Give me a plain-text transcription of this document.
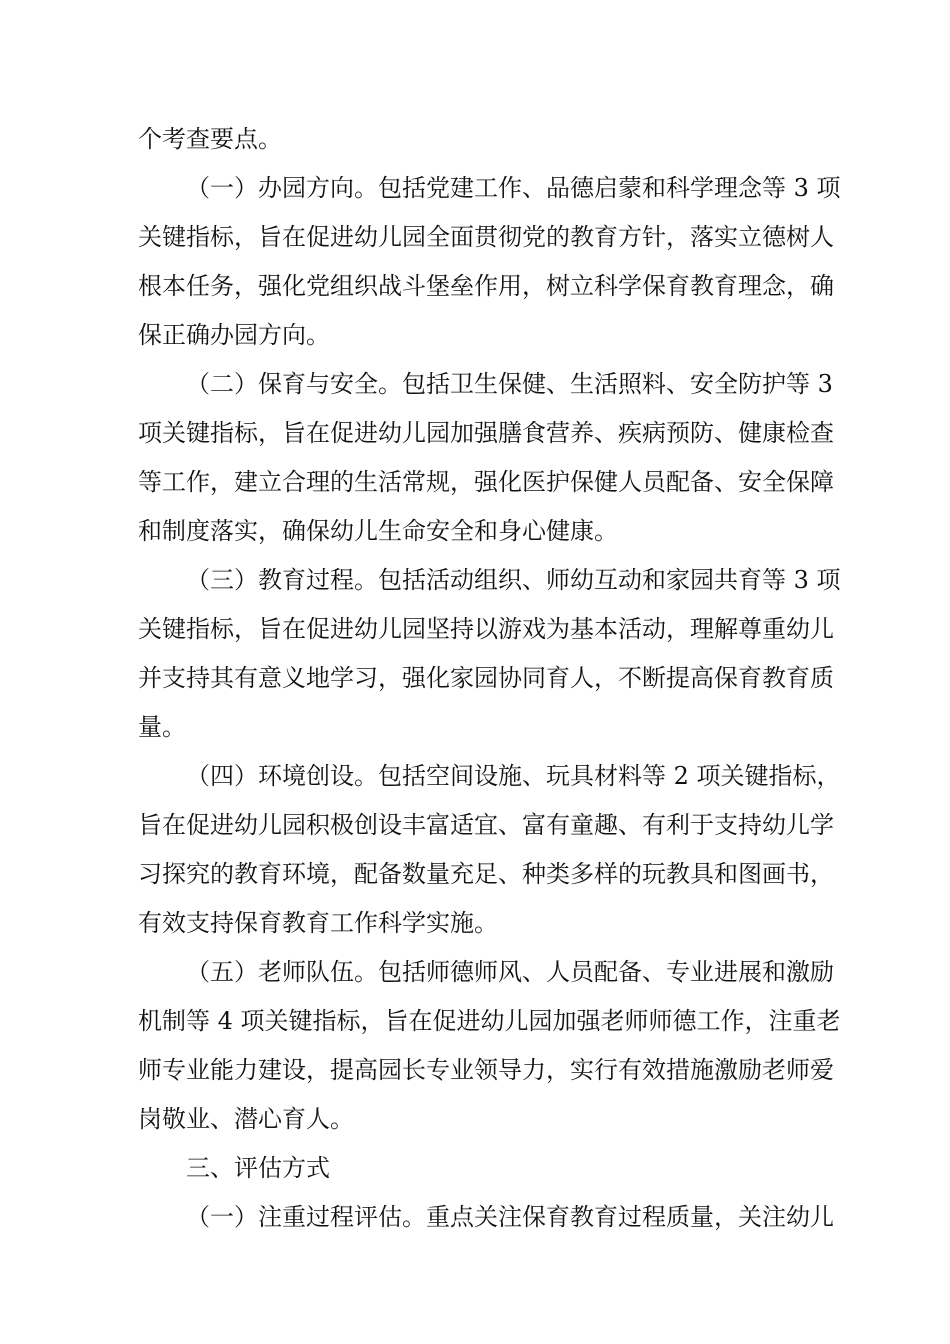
个考查要点。

（一）办园方向。包括党建工作、品德启蒙和科学理念等 3 项

关键指标，旨在促进幼儿园全面贯彻党的教育方针，落实立德树人

根本任务，强化党组织战斗堡垒作用，树立科学保育教育理念，确

保正确办园方向。

（二）保育与安全。包括卫生保健、生活照料、安全防护等 3

项关键指标，旨在促进幼儿园加强膳食营养、疾病预防、健康检查

等工作，建立合理的生活常规，强化医护保健人员配备、安全保障

和制度落实，确保幼儿生命安全和身心健康。

（三）教育过程。包括活动组织、师幼互动和家园共育等 3 项

关键指标，旨在促进幼儿园坚持以游戏为基本活动，理解尊重幼儿

并支持其有意义地学习，强化家园协同育人，不断提高保育教育质

量。

（四）环境创设。包括空间设施、玩具材料等 2 项关键指标，

旨在促进幼儿园积极创设丰富适宜、富有童趣、有利于支持幼儿学

习探究的教育环境，配备数量充足、种类多样的玩教具和图画书，

有效支持保育教育工作科学实施。

（五）老师队伍。包括师德师风、人员配备、专业进展和激励

机制等 4 项关键指标，旨在促进幼儿园加强老师师德工作，注重老

师专业能力建设，提高园长专业领导力，实行有效措施激励老师爱

岗敬业、潜心育人。

三、评估方式

（一）注重过程评估。重点关注保育教育过程质量，关注幼儿
